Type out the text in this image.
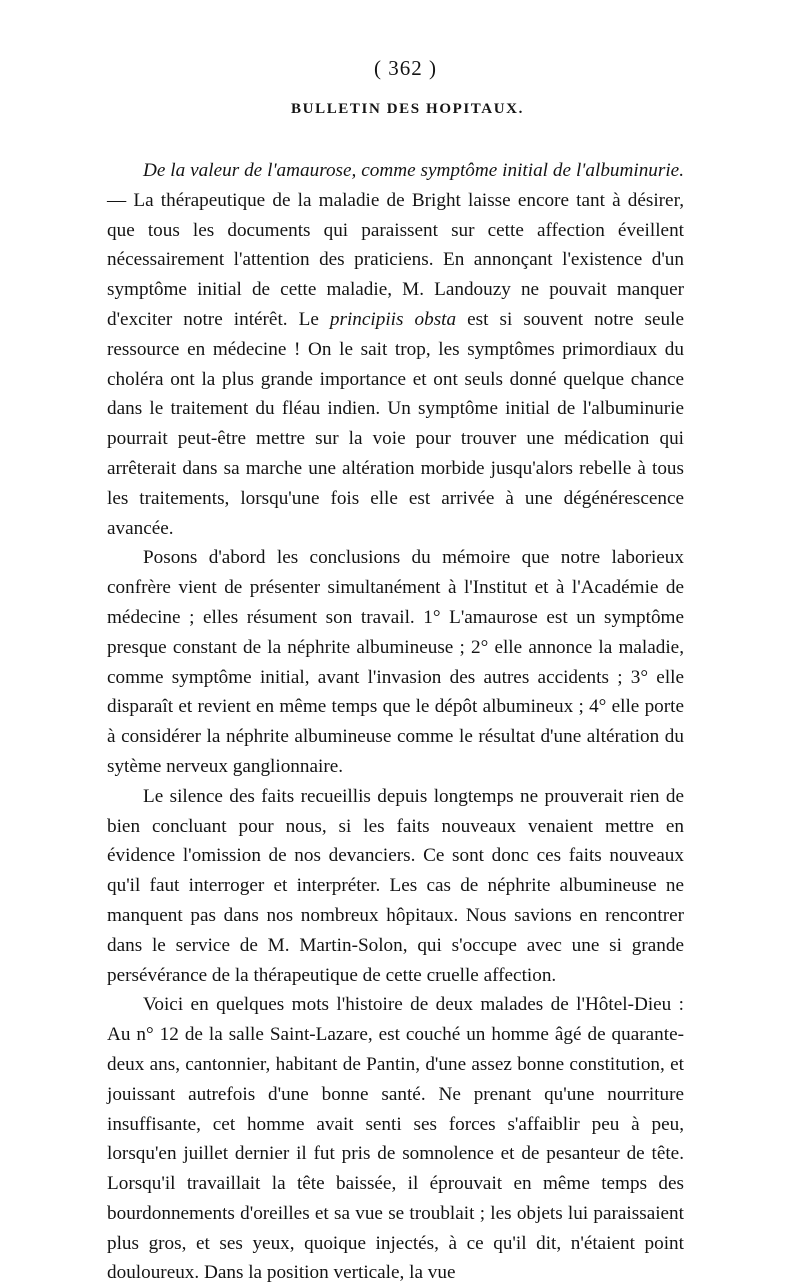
( 362 )
BULLETIN DES HOPITAUX.

De la valeur de l'amaurose, comme symptôme initial de l'albuminurie. — La thérapeutique de la maladie de Bright laisse encore tant à désirer, que tous les documents qui paraissent sur cette affection éveillent nécessairement l'attention des praticiens. En annonçant l'existence d'un symptôme initial de cette maladie, M. Landouzy ne pouvait manquer d'exciter notre intérêt. Le principiis obsta est si souvent notre seule ressource en médecine ! On le sait trop, les symptômes primordiaux du choléra ont la plus grande importance et ont seuls donné quelque chance dans le traitement du fléau indien. Un symptôme initial de l'albuminurie pourrait peut-être mettre sur la voie pour trouver une médication qui arrêterait dans sa marche une altération morbide jusqu'alors rebelle à tous les traitements, lorsqu'une fois elle est arrivée à une dégénérescence avancée.

Posons d'abord les conclusions du mémoire que notre laborieux confrère vient de présenter simultanément à l'Institut et à l'Académie de médecine ; elles résument son travail. 1° L'amaurose est un symptôme presque constant de la néphrite albumineuse ; 2° elle annonce la maladie, comme symptôme initial, avant l'invasion des autres accidents ; 3° elle disparaît et revient en même temps que le dépôt albumineux ; 4° elle porte à considérer la néphrite albumineuse comme le résultat d'une altération du sytème nerveux ganglionnaire.

Le silence des faits recueillis depuis longtemps ne prouverait rien de bien concluant pour nous, si les faits nouveaux venaient mettre en évidence l'omission de nos devanciers. Ce sont donc ces faits nouveaux qu'il faut interroger et interpréter. Les cas de néphrite albumineuse ne manquent pas dans nos nombreux hôpitaux. Nous savions en rencontrer dans le service de M. Martin-Solon, qui s'occupe avec une si grande persévérance de la thérapeutique de cette cruelle affection.

Voici en quelques mots l'histoire de deux malades de l'Hôtel-Dieu : Au n° 12 de la salle Saint-Lazare, est couché un homme âgé de quarante-deux ans, cantonnier, habitant de Pantin, d'une assez bonne constitution, et jouissant autrefois d'une bonne santé. Ne prenant qu'une nourriture insuffisante, cet homme avait senti ses forces s'affaiblir peu à peu, lorsqu'en juillet dernier il fut pris de somnolence et de pesanteur de tête. Lorsqu'il travaillait la tête baissée, il éprouvait en même temps des bourdonnements d'oreilles et sa vue se troublait ; les objets lui paraissaient plus gros, et ses yeux, quoique injectés, à ce qu'il dit, n'étaient point douloureux. Dans la position verticale, la vue
